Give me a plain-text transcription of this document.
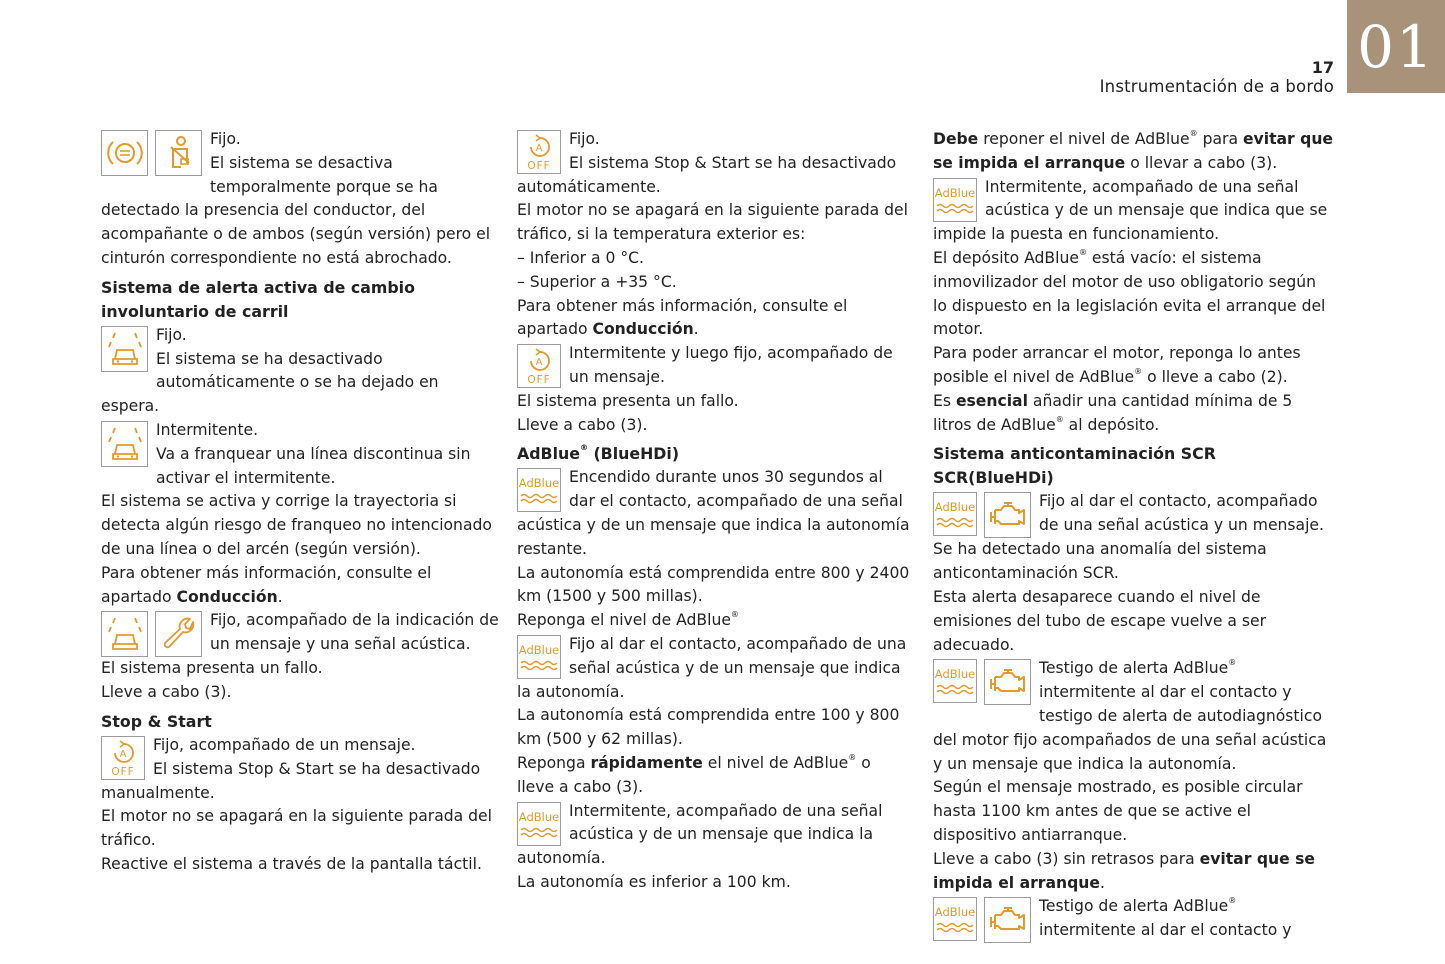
17
Instrumentación de a bordo
01

Fijo.

El sistema se desactiva temporalmente porque se ha detectado la presencia del conductor, del acompañante o de ambos (según versión) pero el cinturón correspondiente no está abrochado.

Sistema de alerta activa de cambio involuntario de carril

Fijo.

El sistema se ha desactivado automáticamente o se ha dejado en espera.

Intermitente.

Va a franquear una línea discontinua sin activar el intermitente.

El sistema se activa y corrige la trayectoria si detecta algún riesgo de franqueo no intencionado de una línea o del arcén (según versión).

Para obtener más información, consulte el apartado Conducción.

Fijo, acompañado de la indicación de un mensaje y una señal acústica.

El sistema presenta un fallo.

Lleve a cabo (3).

Stop & Start
A
OFF

Fijo, acompañado de un mensaje.

El sistema Stop & Start se ha desactivado manualmente.

El motor no se apagará en la siguiente parada del tráfico.

Reactive el sistema a través de la pantalla táctil.

A
OFF

Fijo.

El sistema Stop & Start se ha desactivado automáticamente.

El motor no se apagará en la siguiente parada del tráfico, si la temperatura exterior es:

– Inferior a 0 °C.

– Superior a +35 °C.

Para obtener más información, consulte el apartado Conducción.

A
OFF

Intermitente y luego fijo, acompañado de un mensaje.

El sistema presenta un fallo.

Lleve a cabo (3).

AdBlue® (BlueHDi)
AdBlue Encendido durante unos 30 segundos al dar el contacto, acompañado de una señal acústica y de un mensaje que indica la autonomía restante.

La autonomía está comprendida entre 800 y 2400 km (1500 y 500 millas).

Reponga el nivel de AdBlue®

AdBlue Fijo al dar el contacto, acompañado de una señal acústica y de un mensaje que indica la autonomía.

La autonomía está comprendida entre 100 y 800 km (500 y 62 millas).

Reponga rápidamente el nivel de AdBlue® o lleve a cabo (3).

AdBlue Intermitente, acompañado de una señal acústica y de un mensaje que indica la autonomía.

La autonomía es inferior a 100 km.

Debe reponer el nivel de AdBlue® para evitar que se impida el arranque o llevar a cabo (3).

AdBlue Intermitente, acompañado de una señal acústica y de un mensaje que indica que se impide la puesta en funcionamiento.

El depósito AdBlue® está vacío: el sistema inmovilizador del motor de uso obligatorio según lo dispuesto en la legislación evita el arranque del motor.

Para poder arrancar el motor, reponga lo antes posible el nivel de AdBlue® o lleve a cabo (2).

Es esencial añadir una cantidad mínima de 5 litros de AdBlue® al depósito.

Sistema anticontaminación SCR SCR(BlueHDi)
AdBlue	Fijo al dar el contacto, acompañado de una señal acústica y un mensaje.

Se ha detectado una anomalía del sistema anticontaminación SCR.

Esta alerta desaparece cuando el nivel de emisiones del tubo de escape vuelve a ser adecuado.

AdBlue	Testigo de alerta AdBlue® intermitente al dar el contacto y testigo de alerta de autodiagnóstico del motor fijo acompañados de una señal acústica y un mensaje que indica la autonomía.

Según el mensaje mostrado, es posible circular hasta 1100 km antes de que se active el dispositivo antiarranque.

Lleve a cabo (3) sin retrasos para evitar que se impida el arranque.

AdBlue	Testigo de alerta AdBlue® intermitente al dar el contacto y
